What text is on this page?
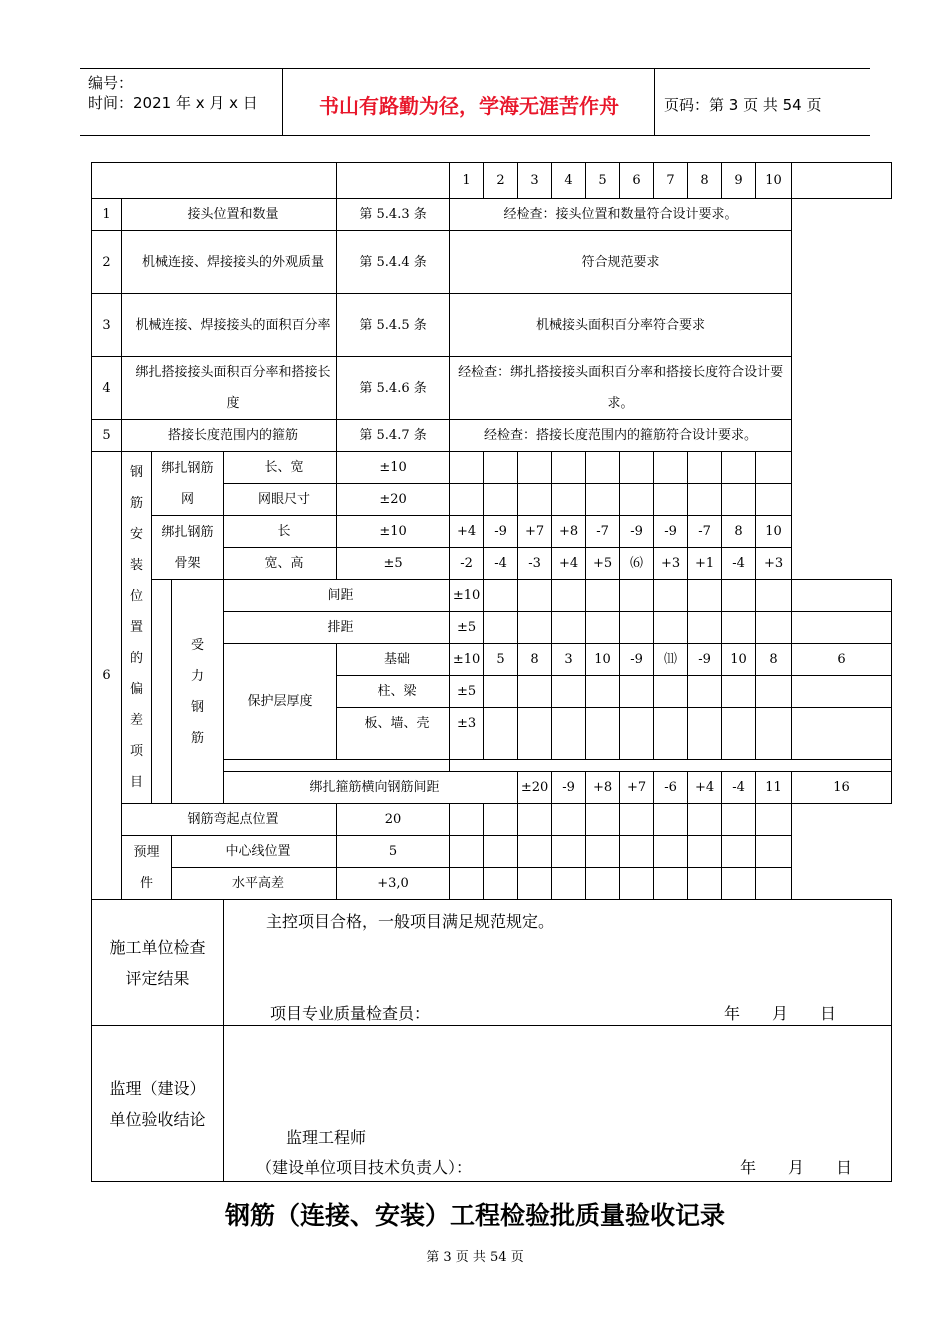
编号：
时间：2021 年 x 月 x 日	书山有路勤为径，学海无涯苦作舟	页码：第 3 页 共 54 页
						1	2	3	4	5	6	7	8	9	10		
1	接头位置和数量				第 5.4.3 条	经检查：接头位置和数量符合设计要求。											
2	机械连接、焊接接头的外观质量				第 5.4.4 条	符合规范要求											
3	机械连接、焊接接头的面积百分率				第 5.4.5 条	机械接头面积百分率符合要求											
4	绑扎搭接接头面积百分率和搭接长度				第 5.4.6 条	经检查：绑扎搭接接头面积百分率和搭接长度符合设计要求。											

5	搭接长度范围内的箍筋				第 5.4.7 条	经检查：搭接长度范围内的箍筋符合设计要求。											
6	钢筋安装位置的偏差项目	绑扎钢筋网		长、宽	±10												
				网眼尺寸	±20												

		绑扎钢筋骨架		长	±10	+4	-9	+7	+8	-7	-9	-9	-7	8	10		
				宽、高	±5	-2	-4	-3	+4	+5	⑹	+3	+1	-4	+3		

			受力钢筋	间距		±10											
				排距		±5											

				保护层厚度	基础	±10	5	8	3	10	-9	⑾	-9	10	8	6	
					柱、梁	±5											
					板、墙、壳	±3											

				绑扎箍筋横向钢筋间距				±20	-9	+8	+7	-6	+4	-4	11	16			
	钢筋弯起点位置				20												

	预埋件		中心线位置		5												
			水平高差		+3,0												

施工单位检查评定结果				主控项目合格，一般项目满足规范规定。
项目专业质量检查员： 年　　月　　日													

监理（建设）单位验收结论				监理工程师
（建设单位项目技术负责人）： 年　　月　　日													
钢筋（连接、安装）工程检验批质量验收记录
第 3 页 共 54 页
